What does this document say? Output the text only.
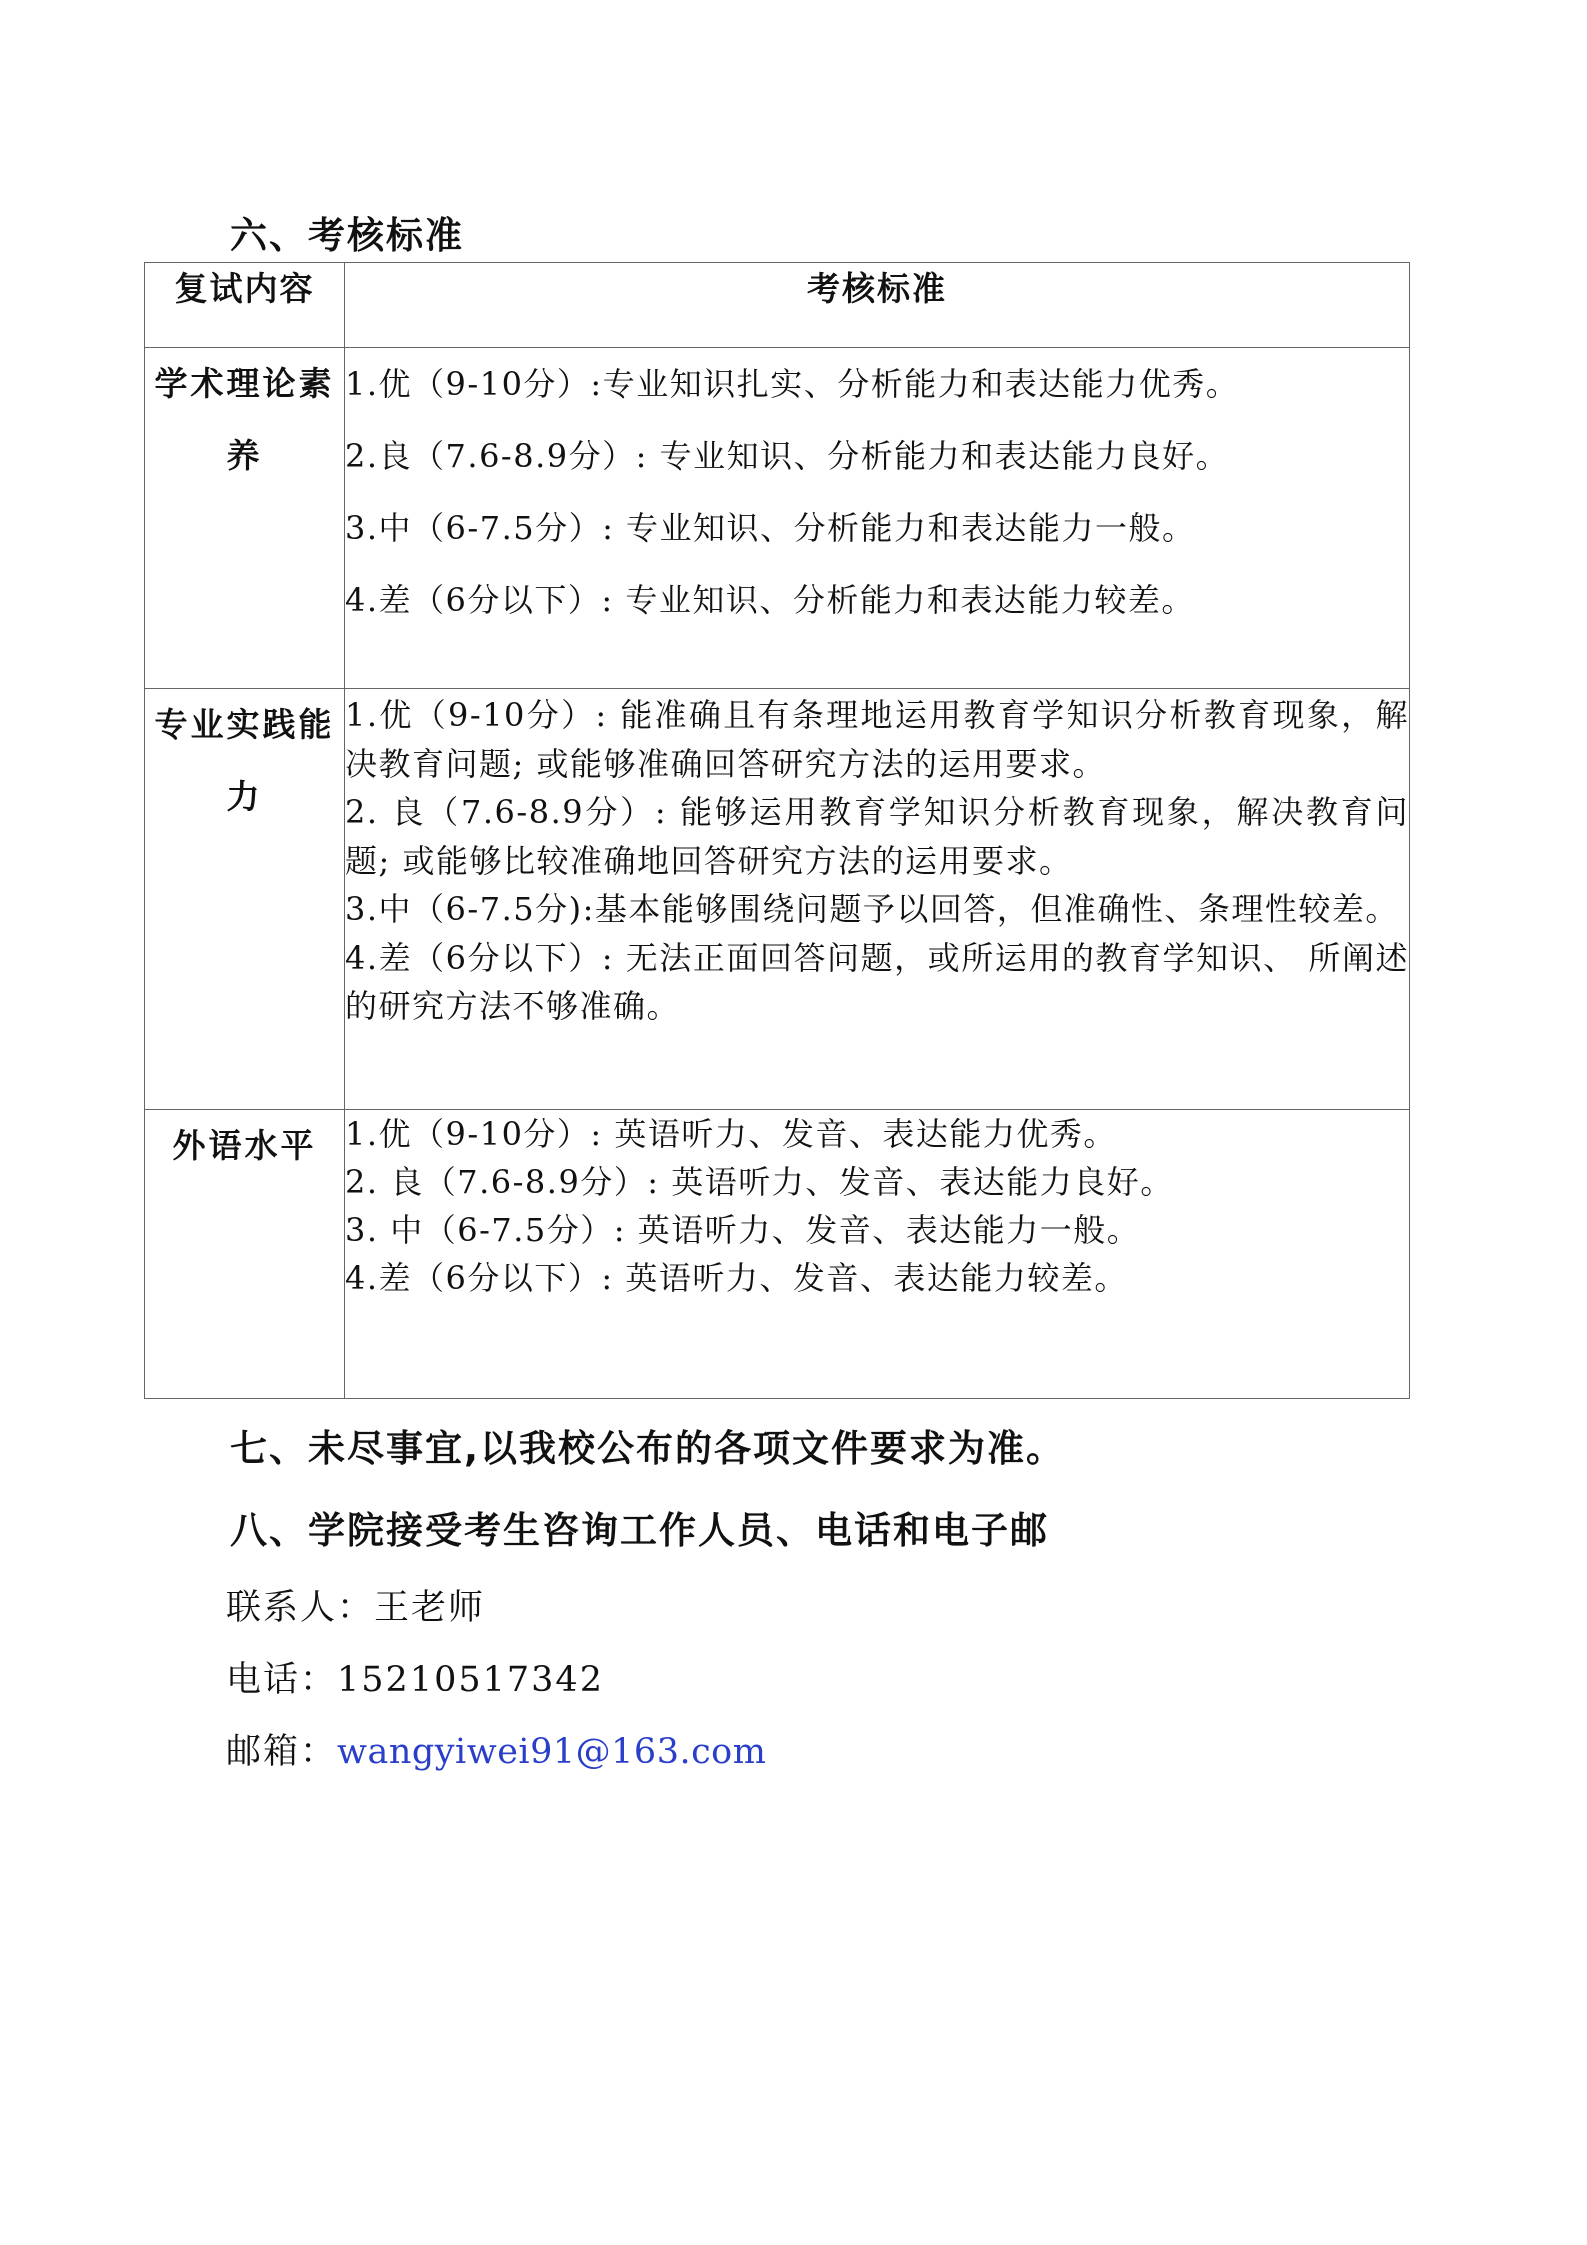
六、考核标准
复试内容	考核标准
学术理论素养	1.优（9-10分）:专业知识扎实、分析能力和表达能力优秀。
2.良（7.6-8.9分）: 专业知识、分析能力和表达能力良好。
3.中（6-7.5分）: 专业知识、分析能力和表达能力一般。
4.差（6分以下）: 专业知识、分析能力和表达能力较差。

专业实践能力	1.优（9-10分）: 能准确且有条理地运用教育学知识分析教育现象，解决教育问题; 或能够准确回答研究方法的运用要求。
2. 良（7.6-8.9分）: 能够运用教育学知识分析教育现象，解决教育问题; 或能够比较准确地回答研究方法的运用要求。
3.中（6-7.5分):基本能够围绕问题予以回答，但准确性、条理性较差。
4.差（6分以下）: 无法正面回答问题，或所运用的教育学知识、 所阐述的研究方法不够准确。

外语水平	1.优（9-10分）: 英语听力、发音、表达能力优秀。
2. 良（7.6-8.9分）: 英语听力、发音、表达能力良好。
3. 中（6-7.5分）: 英语听力、发音、表达能力一般。
4.差（6分以下）: 英语听力、发音、表达能力较差。
七、未尽事宜,以我校公布的各项文件要求为准。
八、学院接受考生咨询工作人员、电话和电子邮
联系人：王老师
电话：15210517342
邮箱：wangyiwei91@163.com
